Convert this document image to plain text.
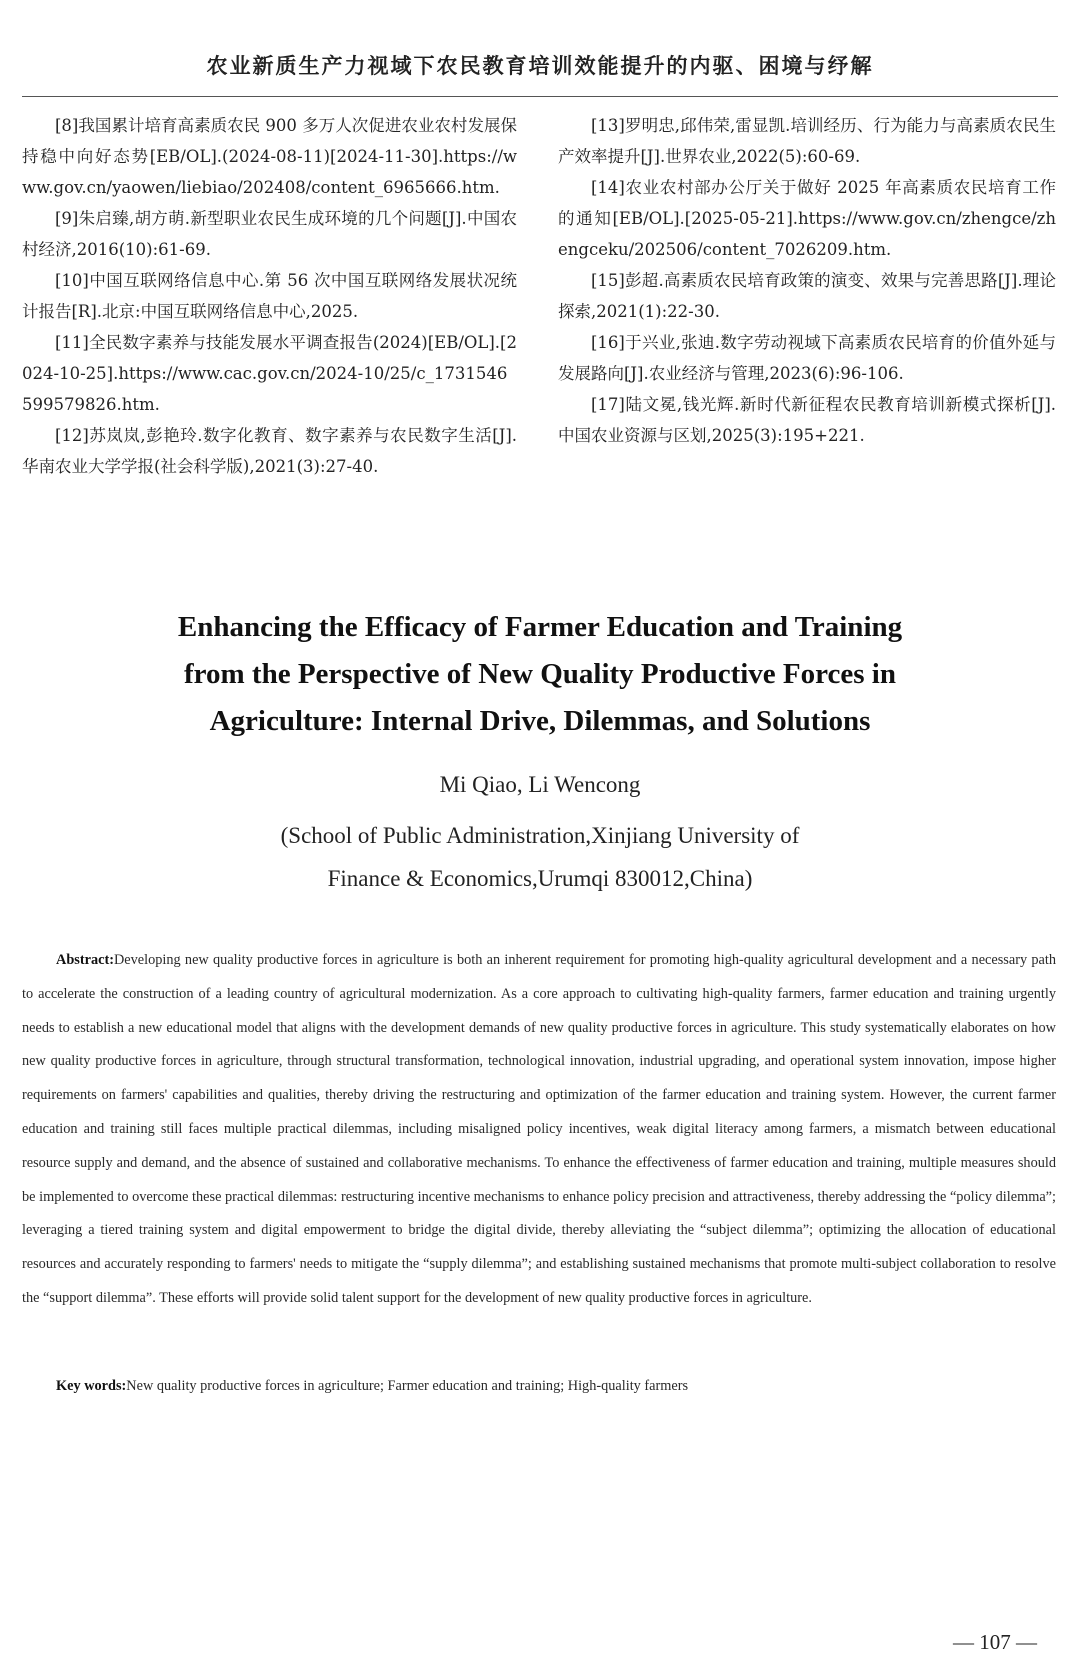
农业新质生产力视域下农民教育培训效能提升的内驱、困境与纾解

[8]我国累计培育高素质农民 900 多万人次促进农业农村发展保持稳中向好态势[EB/OL].(2024-08-11)[2024-11-30].https://www.gov.cn/yaowen/liebiao/202408/content_6965666.htm.

[9]朱启臻,胡方萌.新型职业农民生成环境的几个问题[J].中国农村经济,2016(10):61-69.

[10]中国互联网络信息中心.第 56 次中国互联网络发展状况统计报告[R].北京:中国互联网络信息中心,2025.

[11]全民数字素养与技能发展水平调查报告(2024)[EB/OL].[2024-10-25].https://www.cac.gov.cn/2024-10/25/c_1731546599579826.htm.

[12]苏岚岚,彭艳玲.数字化教育、数字素养与农民数字生活[J].华南农业大学学报(社会科学版),2021(3):27-40.

[13]罗明忠,邱伟荣,雷显凯.培训经历、行为能力与高素质农民生产效率提升[J].世界农业,2022(5):60-69.

[14]农业农村部办公厅关于做好 2025 年高素质农民培育工作的通知[EB/OL].[2025-05-21].https://www.gov.cn/zhengce/zhengceku/202506/content_7026209.htm.

[15]彭超.高素质农民培育政策的演变、效果与完善思路[J].理论探索,2021(1):22-30.

[16]于兴业,张迪.数字劳动视域下高素质农民培育的价值外延与发展路向[J].农业经济与管理,2023(6):96-106.

[17]陆文冕,钱光辉.新时代新征程农民教育培训新模式探析[J].中国农业资源与区划,2025(3):195+221.

Enhancing the Efficacy of Farmer Education and Training
from the Perspective of New Quality Productive Forces in
Agriculture: Internal Drive, Dilemmas, and Solutions
Mi Qiao, Li Wencong
(School of Public Administration,Xinjiang University of
Finance & Economics,Urumqi 830012,China)

Abstract:Developing new quality productive forces in agriculture is both an inherent requirement for promoting high-quality agricultural development and a necessary path to accelerate the construction of a leading country of agricultural modernization. As a core approach to cultivating high-quality farmers, farmer education and training urgently needs to establish a new educational model that aligns with the development demands of new quality productive forces in agriculture. This study systematically elaborates on how new quality productive forces in agriculture, through structural transformation, technological innovation, industrial upgrading, and operational system innovation, impose higher requirements on farmers' capabilities and qualities, thereby driving the restructuring and optimization of the farmer education and training system. However, the current farmer education and training still faces multiple practical dilemmas, including misaligned policy incentives, weak digital literacy among farmers, a mismatch between educational resource supply and demand, and the absence of sustained and collaborative mechanisms. To enhance the effectiveness of farmer education and training, multiple measures should be implemented to overcome these practical dilemmas: restructuring incentive mechanisms to enhance policy precision and attractiveness, thereby addressing the “policy dilemma”; leveraging a tiered training system and digital empowerment to bridge the digital divide, thereby alleviating the “subject dilemma”; optimizing the allocation of educational resources and accurately responding to farmers' needs to mitigate the “supply dilemma”; and establishing sustained mechanisms that promote multi-subject collaboration to resolve the “support dilemma”. These efforts will provide solid talent support for the development of new quality productive forces in agriculture.

Key words:New quality productive forces in agriculture; Farmer education and training; High-quality farmers
— 107 —
